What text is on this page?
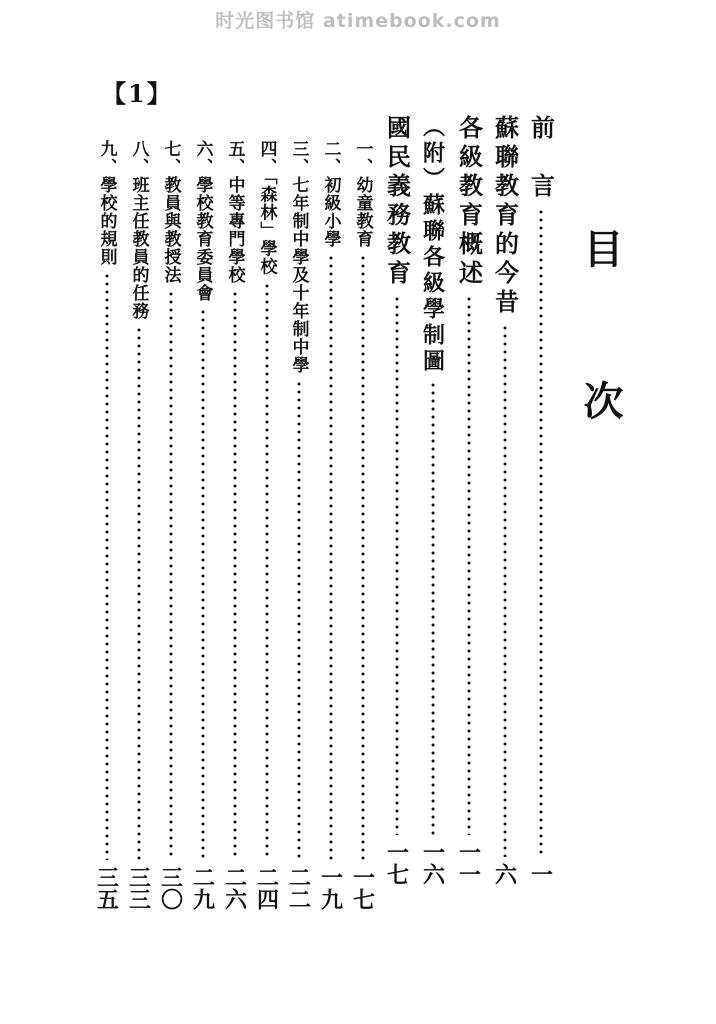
时光图书馆 atimebook.com
【1】
目
次
前　言
一
蘇聯教育的今昔
六
各級教育概述
一一
（附）蘇聯各級學制圖
一六
國民義務教育
一七
一、幼童教育
一七
二、初級小學
一九
三、七年制中學及十年制中學
二二
四、「森林」學校
二四
五、中等專門學校
二六
六、學校教育委員會
二九
七、教員與教授法
三〇
八、班主任教員的任務
三三
九、學校的規則
三五
